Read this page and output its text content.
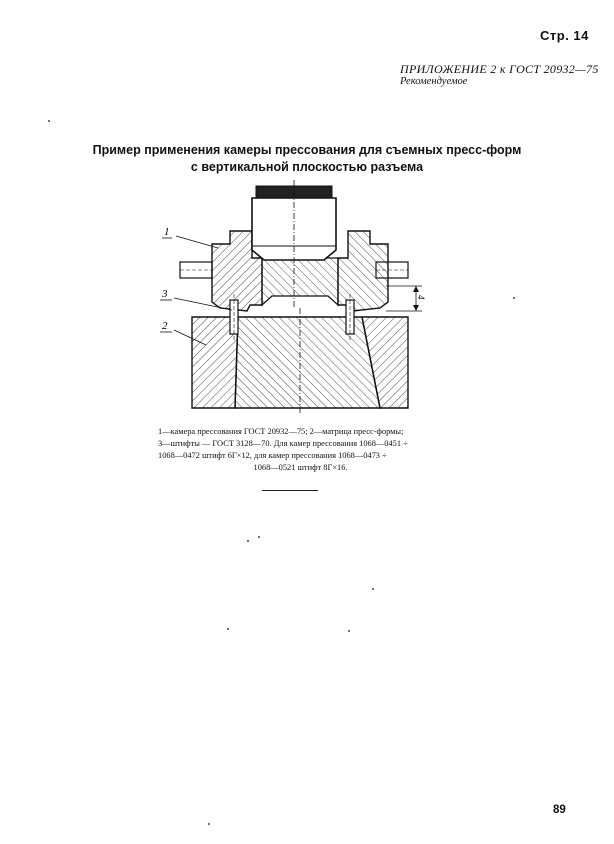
Стр. 14
ПРИЛОЖЕНИЕ 2 к ГОСТ 20932—75
Рекомендуемое
Пример применения камеры прессования для съемных пресс-форм
с вертикальной плоскостью разъема
1
2
3	4
1—камера прессования ГОСТ 20932—75; 2—матрица пресс-формы;
3—штифты — ГОСТ 3128—70. Для камер прессования 1068—0451 ÷
1068—0472 штифт 6Г×12, для камер прессования 1068—0473 ÷
1068—0521 штифт 8Г×16.
89
